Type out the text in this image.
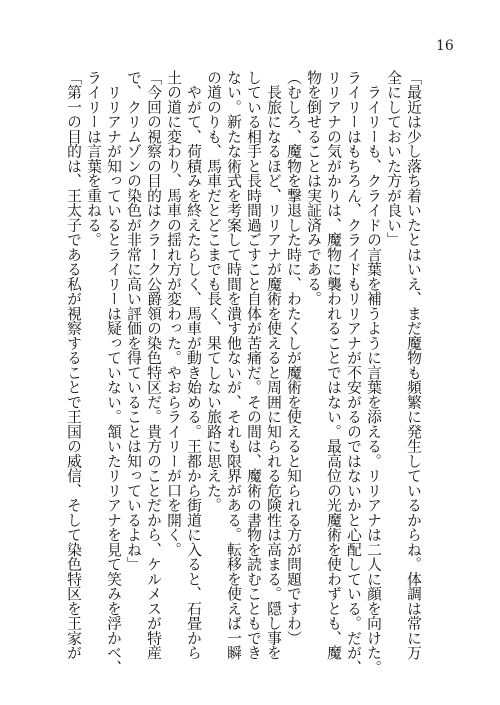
16

「最近は少し落ち着いたとはいえ、まだ魔物も頻繁に発生しているからね。体調は常に万

全にしておいた方が良い」

　ライリーも、クライドの言葉を補うように言葉を添える。リリアナは二人に顔を向けた。

ライリーはもちろん、クライドもリリアナが不安がるのではないかと心配している。だが、

リリアナの気がかりは、魔物に襲われることではない。最高位の光魔術を使わずとも、魔

物を倒せることは実証済みである。

（むしろ、魔物を撃退した時に、わたくしが魔術を使えると知られる方が問題ですわ）

　長旅になるほど、リリアナが魔術を使えると周囲に知られる危険性は高まる。隠し事を

している相手と長時間過ごすこと自体が苦痛だ。その間は、魔術の書物を読むこともでき

ない。新たな術式を考案して時間を潰す他ないが、それも限界がある。転移を使えば一瞬

の道のりも、馬車だとどこまでも長く、果てしない旅路に思えた。

　やがて、荷積みを終えたらしく、馬車が動き始める。王都から街道に入ると、石畳から

土の道に変わり、馬車の揺れ方が変わった。やおらライリーが口を開く。

「今回の視察の目的はクラーク公爵領の染色特区だ。貴方のことだから、ケルメスが特産

で、クリムゾンの染色が非常に高い評価を得ていることは知っているよね」

　リリアナが知っているとライリーは疑っていない。頷いたリリアナを見て笑みを浮かべ、

ライリーは言葉を重ねる。

「第一の目的は、王太子である私が視察することで王国の威信、そして染色特区を王家が
